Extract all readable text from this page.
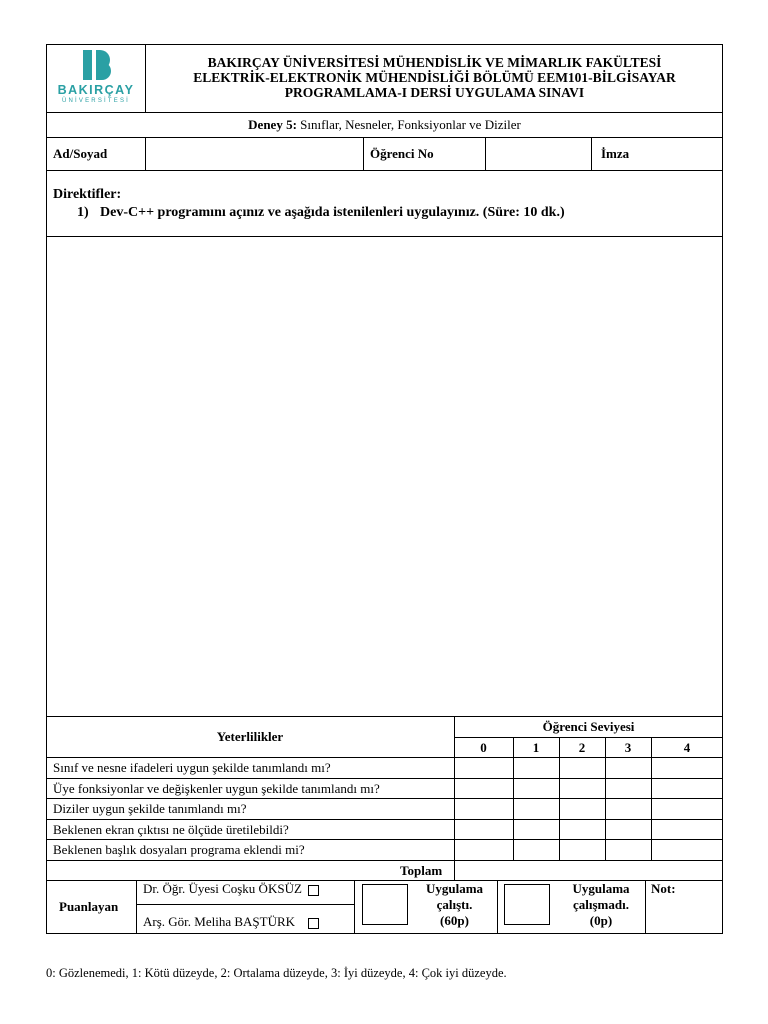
BAKIRÇAY
ÜNİVERSİTESİ
BAKIRÇAY ÜNİVERSİTESİ MÜHENDİSLİK VE MİMARLIK FAKÜLTESİ
ELEKTRİK-ELEKTRONİK MÜHENDİSLİĞİ BÖLÜMÜ EEM101-BİLGİSAYAR
PROGRAMLAMA-I DERSİ UYGULAMA SINAVI
Deney 5: Sınıflar, Nesneler, Fonksiyonlar ve Diziler
Ad/Soyad	Öğrenci No	İmza
Direktifler:
1) Dev-C++ programını açınız ve aşağıda istenilenleri uygulayınız. (Süre: 10 dk.)
Yeterlilikler
Öğrenci Seviyesi
0	1	2	3	4
Sınıf ve nesne ifadeleri uygun şekilde tanımlandı mı?
Üye fonksiyonlar ve değişkenler uygun şekilde tanımlandı mı?
Diziler uygun şekilde tanımlandı mı?
Beklenen ekran çıktısı ne ölçüde üretilebildi?
Beklenen başlık dosyaları programa eklendi mi?
Toplam
Puanlayan
Dr. Öğr. Üyesi Coşku ÖKSÜZ
Arş. Gör. Meliha BAŞTÜRK
Uygulama
çalıştı.
(60p)
Uygulama
çalışmadı.
(0p)
Not:
0: Gözlenemedi, 1: Kötü düzeyde, 2: Ortalama düzeyde, 3: İyi düzeyde, 4: Çok iyi düzeyde.
